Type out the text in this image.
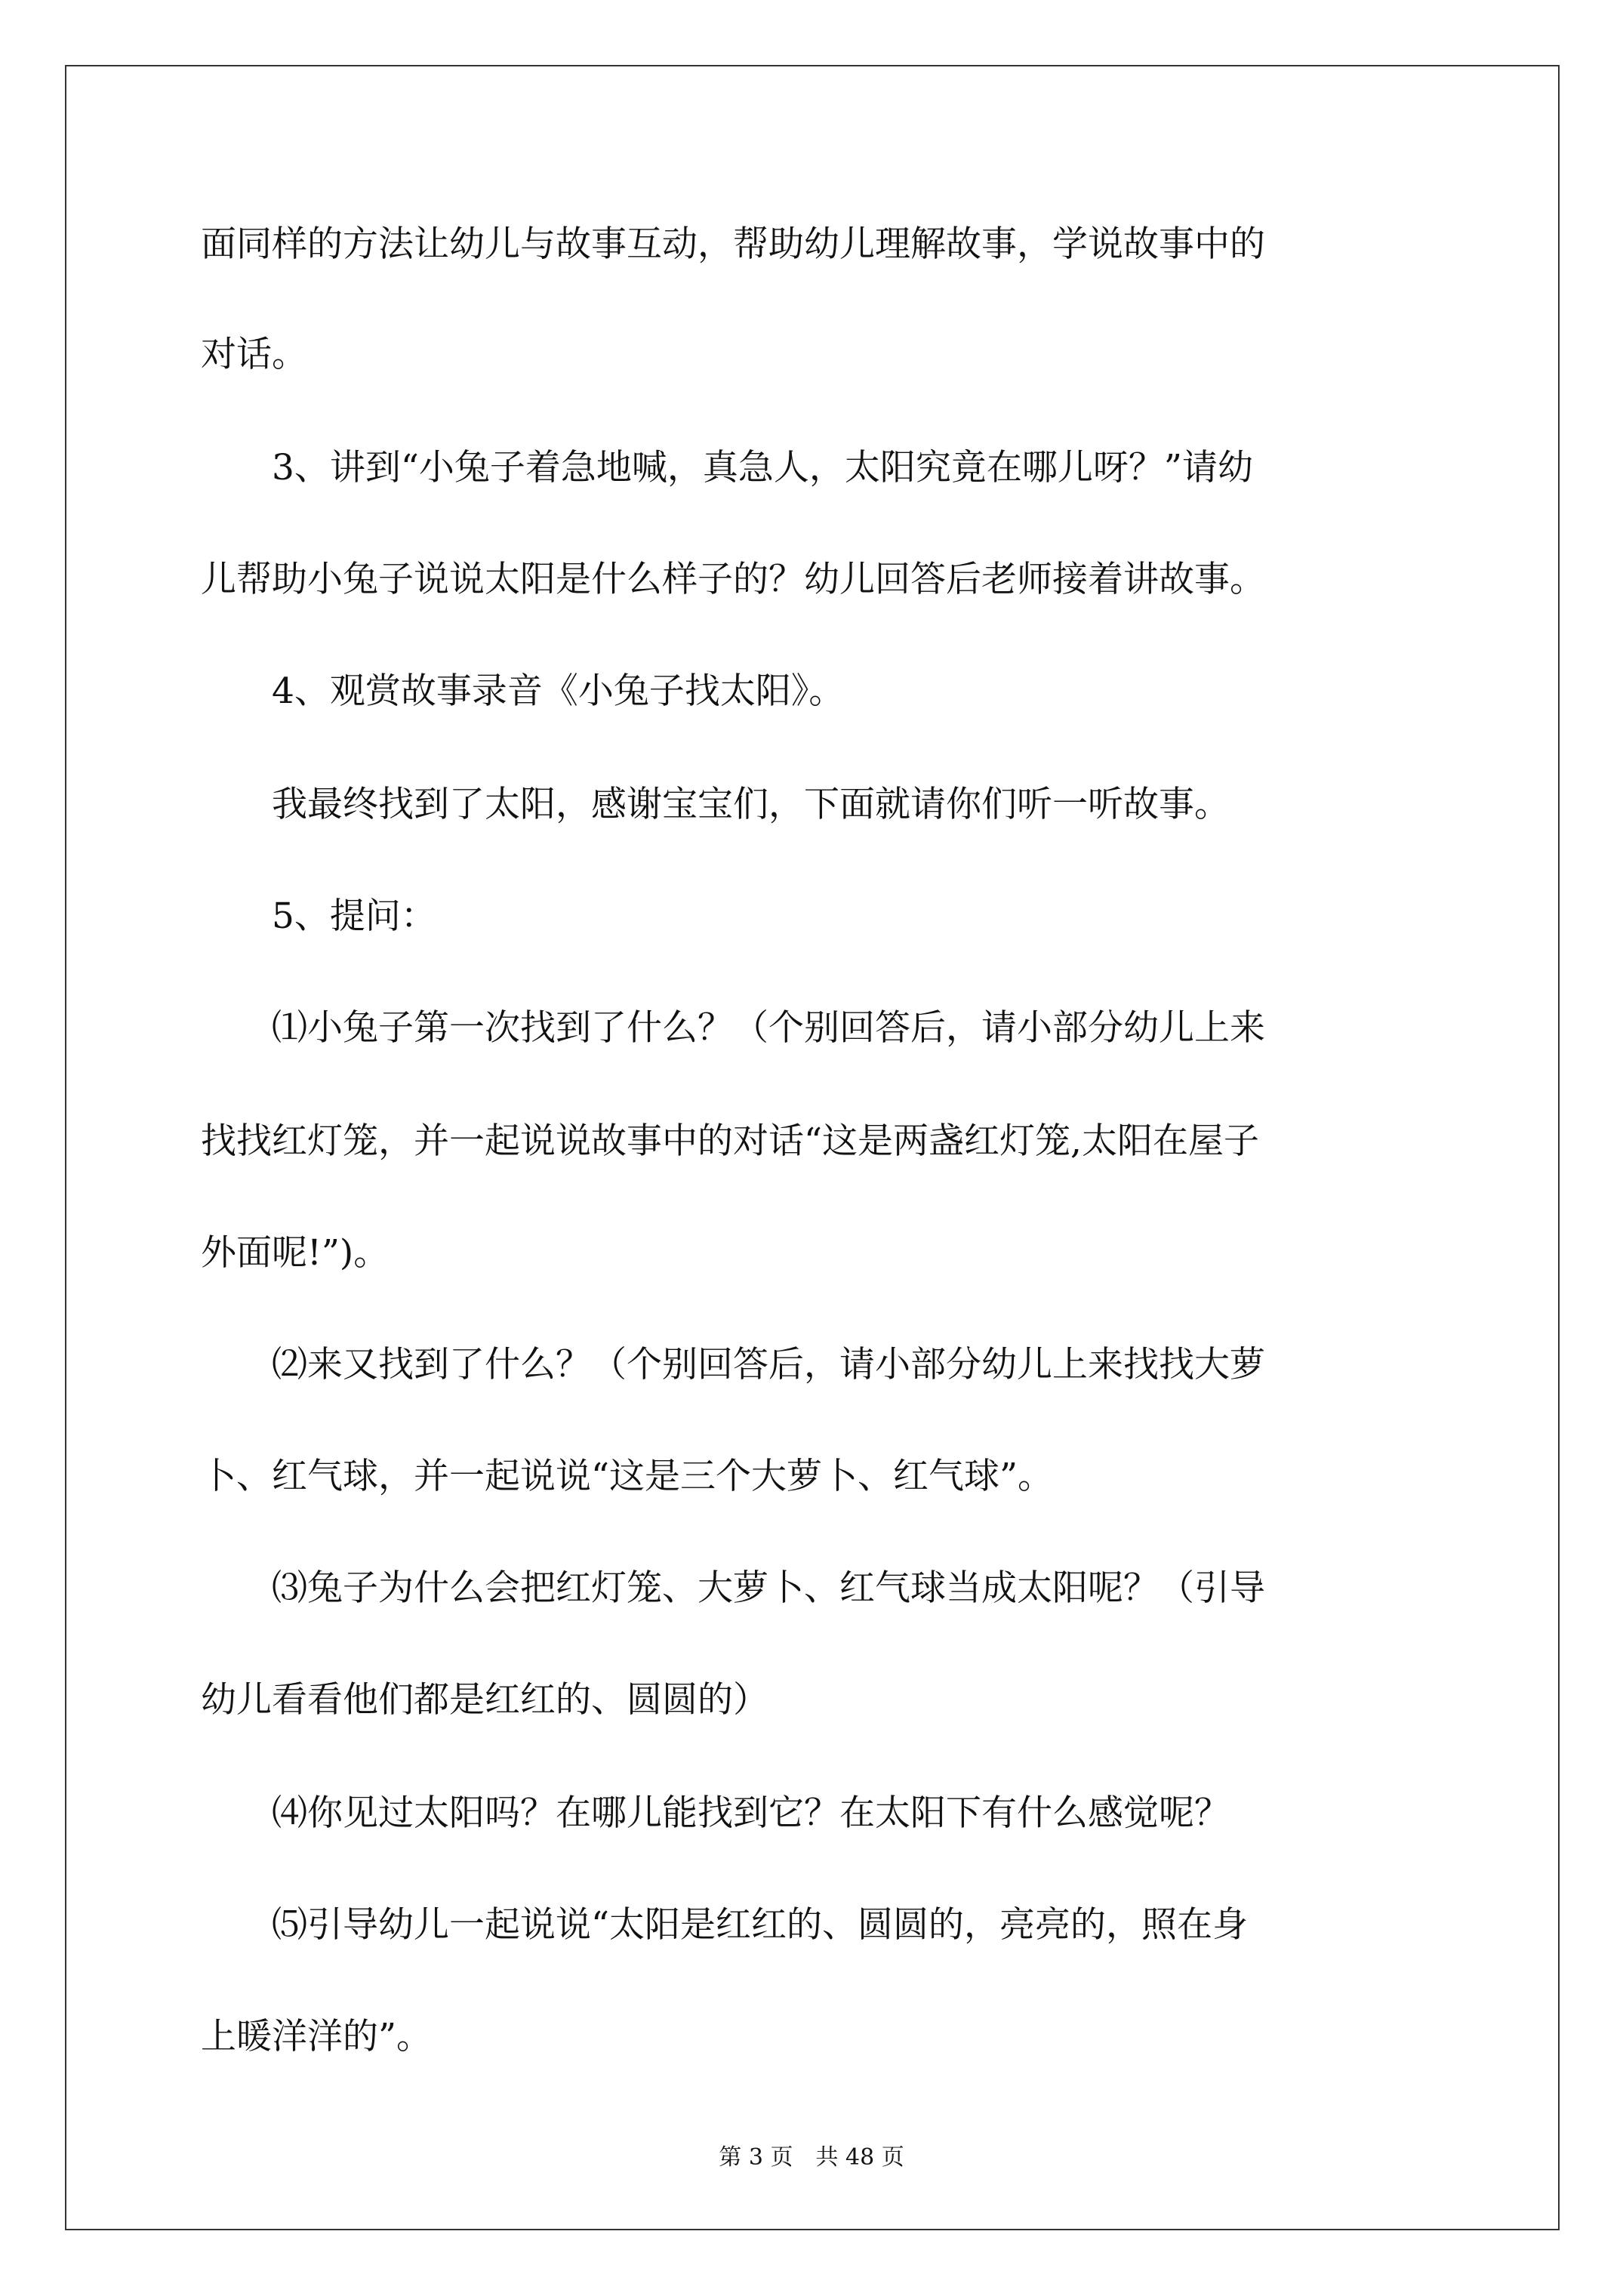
面同样的方法让幼儿与故事互动，帮助幼儿理解故事，学说故事中的

对话。

3、讲到“小兔子着急地喊，真急人，太阳究竟在哪儿呀？”请幼

儿帮助小兔子说说太阳是什么样子的？幼儿回答后老师接着讲故事。

4、观赏故事录音《小兔子找太阳》。

我最终找到了太阳，感谢宝宝们，下面就请你们听一听故事。

5、提问：

⑴小兔子第一次找到了什么？（个别回答后，请小部分幼儿上来

找找红灯笼，并一起说说故事中的对话“这是两盏红灯笼,太阳在屋子

外面呢!”)。

⑵来又找到了什么？（个别回答后，请小部分幼儿上来找找大萝

卜、红气球，并一起说说“这是三个大萝卜、红气球”。

⑶兔子为什么会把红灯笼、大萝卜、红气球当成太阳呢？（引导

幼儿看看他们都是红红的、圆圆的）

⑷你见过太阳吗？在哪儿能找到它？在太阳下有什么感觉呢？

⑸引导幼儿一起说说“太阳是红红的、圆圆的，亮亮的，照在身

上暖洋洋的”。

第 3 页　共 48 页
